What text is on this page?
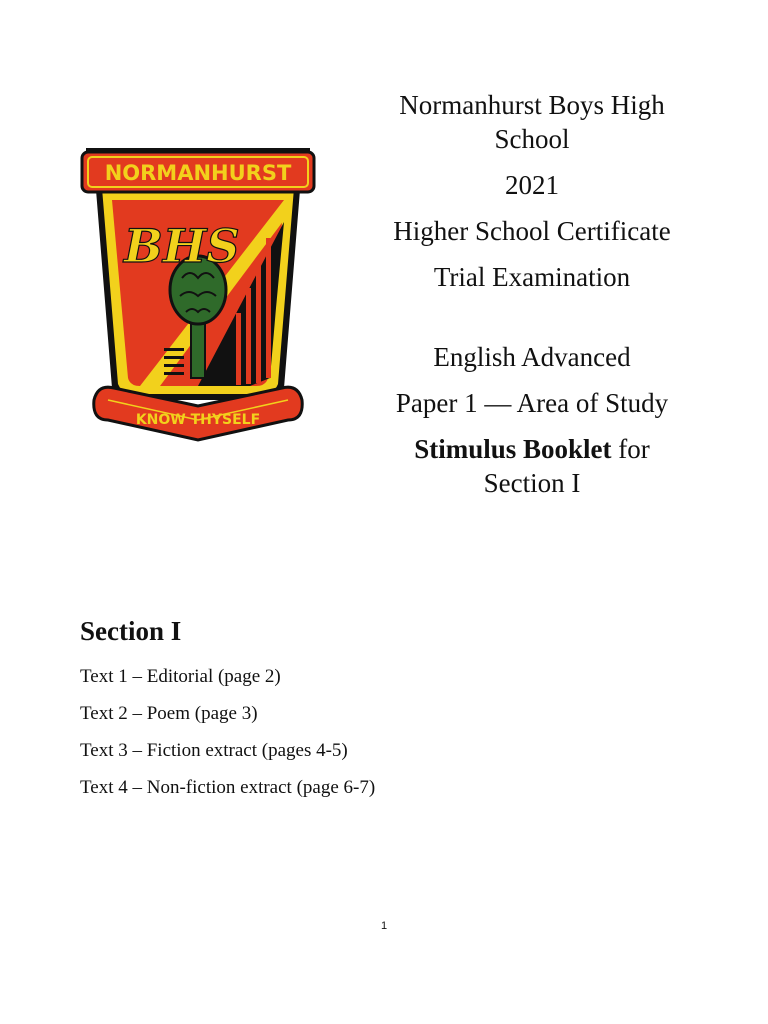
BHS
NORMANHURST
KNOW THYSELF
Normanhurst Boys High
School
2021
Higher School Certificate
Trial Examination
English Advanced
Paper 1 — Area of Study
Stimulus Booklet for
Section I
Section I
Text 1 – Editorial (page 2)
Text 2 – Poem (page 3)
Text 3 – Fiction extract (pages 4-5)
Text 4 – Non-fiction extract (page 6-7)
1
